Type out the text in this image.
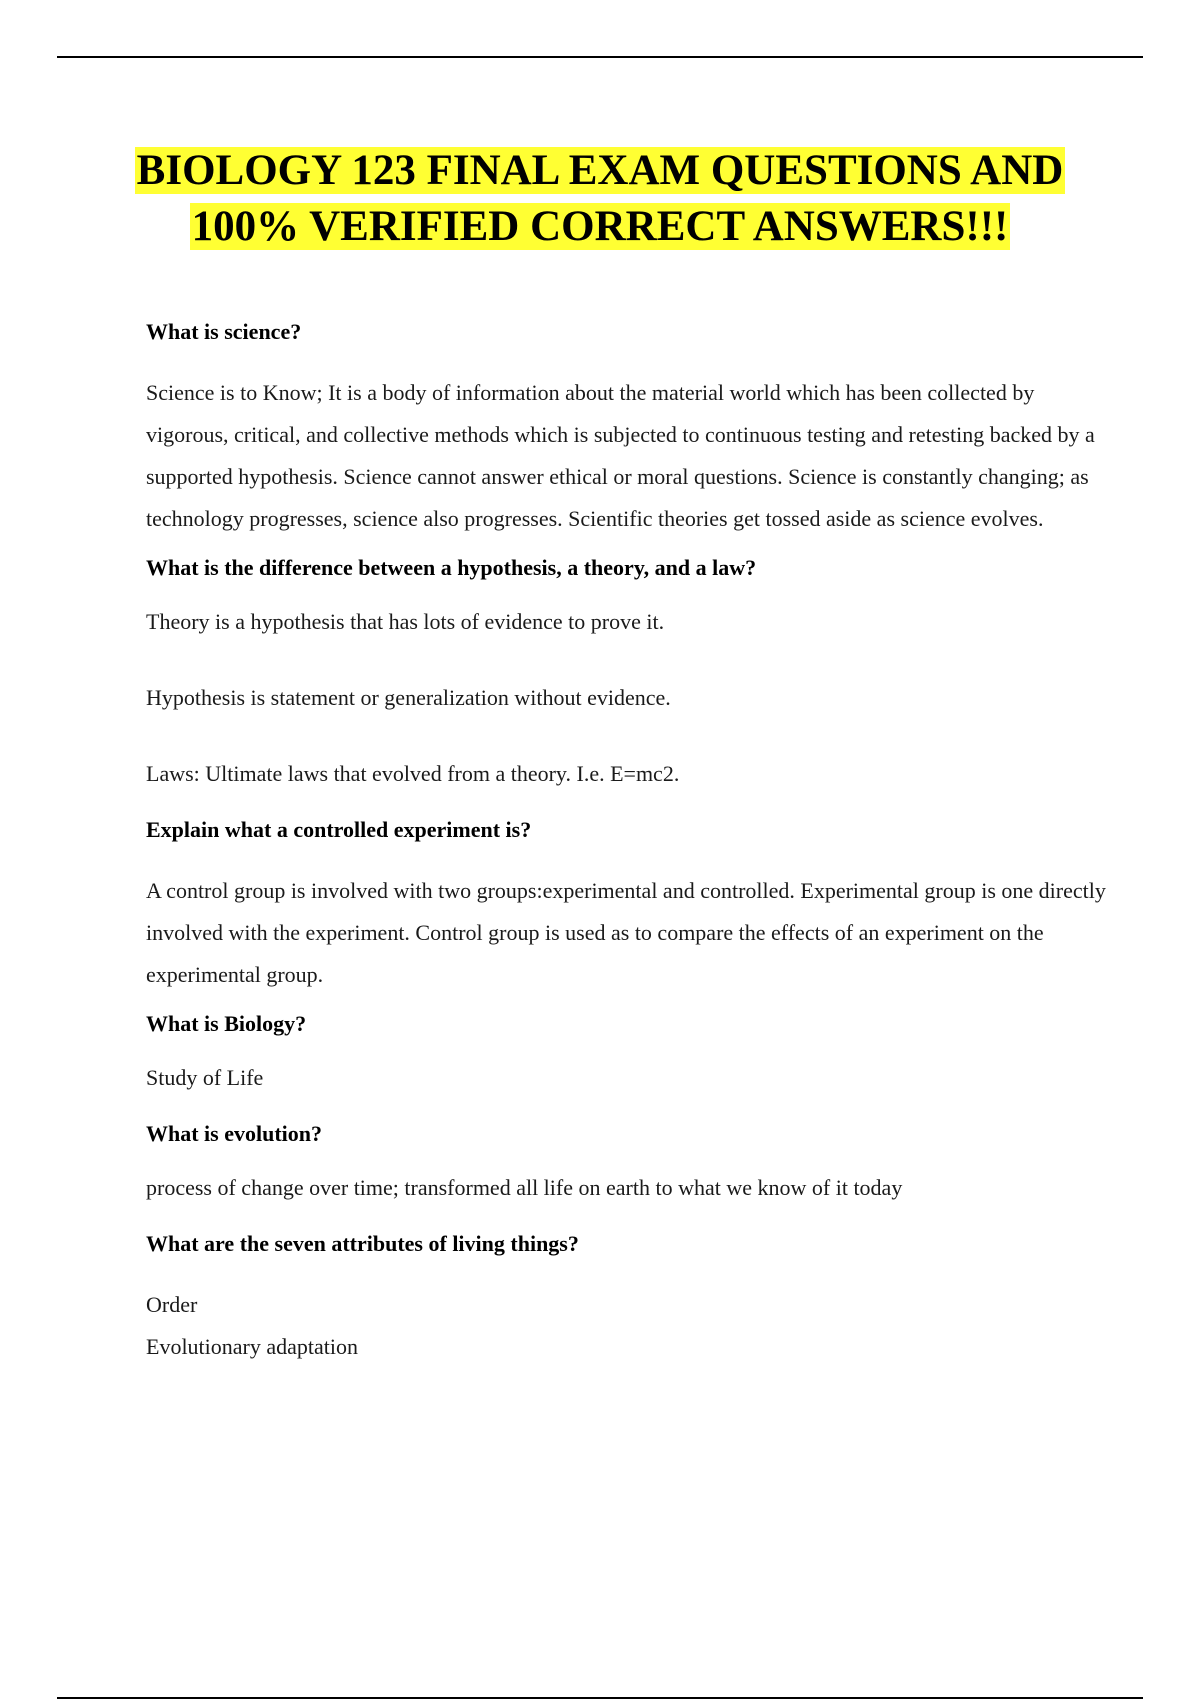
BIOLOGY 123 FINAL EXAM QUESTIONS AND 100% VERIFIED CORRECT ANSWERS!!!

What is science?

Science is to Know; It is a body of information about the material world which has been collected by vigorous, critical, and collective methods which is subjected to continuous testing and retesting backed by a supported hypothesis. Science cannot answer ethical or moral questions. Science is constantly changing; as technology progresses, science also progresses. Scientific theories get tossed aside as science evolves.

What is the difference between a hypothesis, a theory, and a law?

Theory is a hypothesis that has lots of evidence to prove it.

Hypothesis is statement or generalization without evidence.

Laws: Ultimate laws that evolved from a theory. I.e. E=mc2.

Explain what a controlled experiment is?

A control group is involved with two groups:experimental and controlled. Experimental group is one directly involved with the experiment. Control group is used as to compare the effects of an experiment on the experimental group.

What is Biology?

Study of Life

What is evolution?

process of change over time; transformed all life on earth to what we know of it today

What are the seven attributes of living things?

Order

Evolutionary adaptation
